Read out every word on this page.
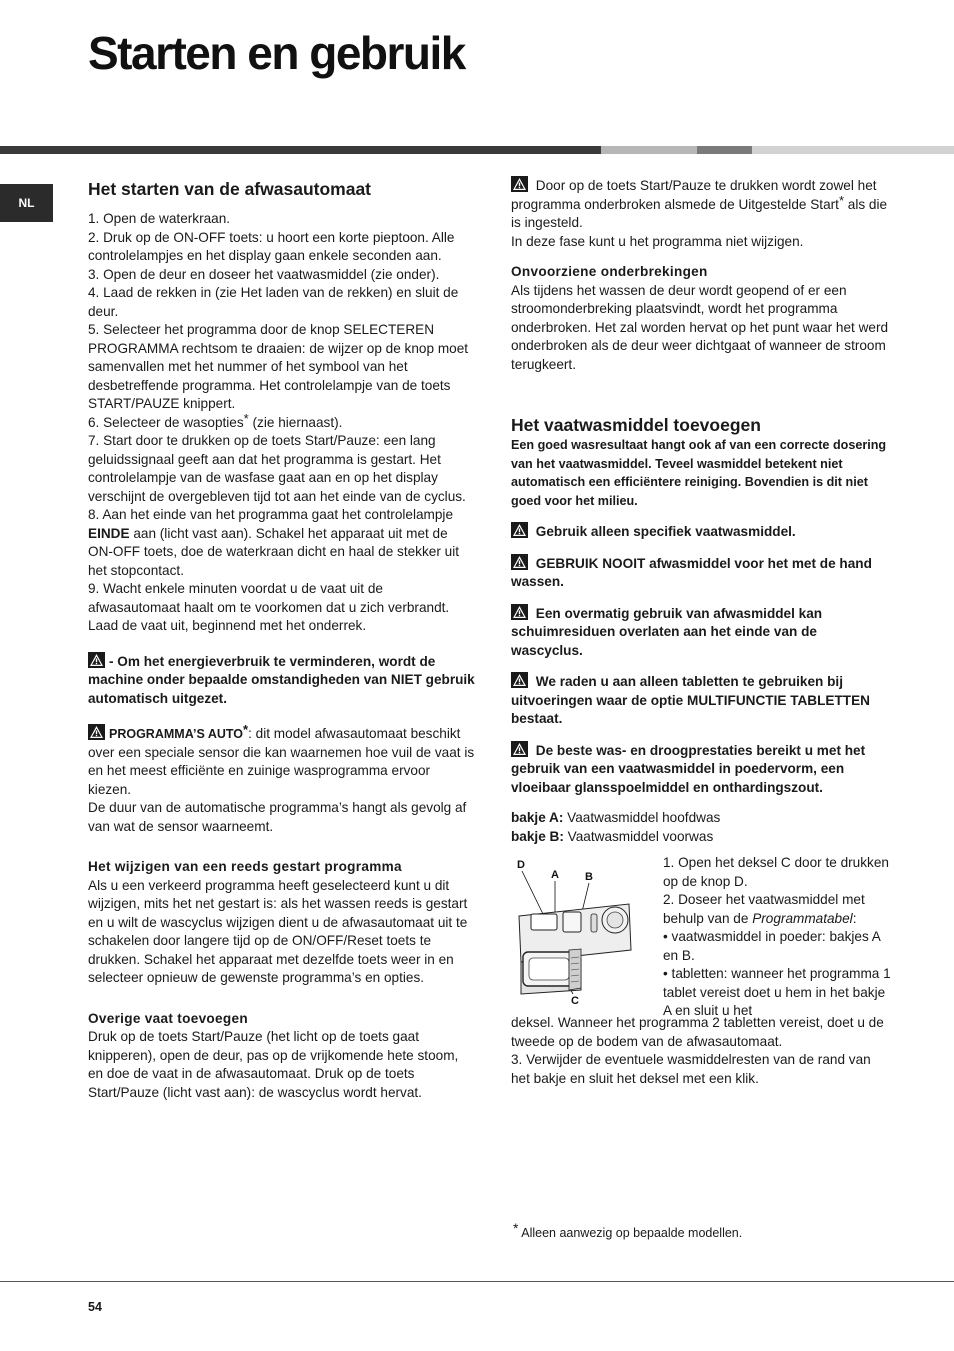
Starten en gebruik
NL
Het starten van de afwasautomaat

1. Open de waterkraan.

2. Druk op de ON-OFF toets: u hoort een korte pieptoon. Alle controlelampjes en het display gaan enkele seconden aan.

3. Open de deur en doseer het vaatwasmiddel (zie onder).

4. Laad de rekken in (zie Het laden van de rekken) en sluit de deur.

5. Selecteer het programma door de knop SELECTEREN PROGRAMMA rechtsom te draaien: de wijzer op de knop moet samenvallen met het nummer of het symbool van het desbetreffende programma. Het controlelampje van de toets START/PAUZE knippert.

6. Selecteer de wasopties* (zie hiernaast).

7. Start door te drukken op de toets Start/Pauze: een lang geluidssignaal geeft aan dat het programma is gestart. Het controlelampje van de wasfase gaat aan en op het display verschijnt de overgebleven tijd tot aan het einde van de cyclus.

8. Aan het einde van het programma gaat het controlelampje EINDE aan (licht vast aan). Schakel het apparaat uit met de ON-OFF toets, doe de waterkraan dicht en haal de stekker uit het stopcontact.

9. Wacht enkele minuten voordat u de vaat uit de afwasautomaat haalt om te voorkomen dat u zich verbrandt. Laad de vaat uit, beginnend met het onderrek.

- Om het energieverbruik te verminderen, wordt de machine onder bepaalde omstandigheden van NIET gebruik automatisch uitgezet.

PROGRAMMA’S AUTO*: dit model afwasautomaat beschikt over een speciale sensor die kan waarnemen hoe vuil de vaat is en het meest efficiënte en zuinige wasprogramma ervoor kiezen.

De duur van de automatische programma’s hangt als gevolg af van wat de sensor waarneemt.

Het wijzigen van een reeds gestart programma

Als u een verkeerd programma heeft geselecteerd kunt u dit wijzigen, mits het net gestart is: als het wassen reeds is gestart en u wilt de wascyclus wijzigen dient u de afwasautomaat uit te schakelen door langere tijd op de ON/OFF/Reset toets te drukken. Schakel het apparaat met dezelfde toets weer in en selecteer opnieuw de gewenste programma’s en opties.

Overige vaat toevoegen

Druk op de toets Start/Pauze (het licht op de toets gaat knipperen), open de deur, pas op de vrijkomende hete stoom, en doe de vaat in de afwasautomaat. Druk op de toets Start/Pauze (licht vast aan): de wascyclus wordt hervat.

Door op de toets Start/Pauze te drukken wordt zowel het programma onderbroken alsmede de Uitgestelde Start* als die is ingesteld.

In deze fase kunt u het programma niet wijzigen.

Onvoorziene onderbrekingen

Als tijdens het wassen de deur wordt geopend of er een stroomonderbreking plaatsvindt, wordt het programma onderbroken. Het zal worden hervat op het punt waar het werd onderbroken als de deur weer dichtgaat of wanneer de stroom terugkeert.

Het vaatwasmiddel toevoegen

Een goed wasresultaat hangt ook af van een correcte dosering van het vaatwasmiddel. Teveel wasmiddel betekent niet automatisch een efficiëntere reiniging. Bovendien is dit niet goed voor het milieu.

Gebruik alleen specifiek vaatwasmiddel.

GEBRUIK NOOIT afwasmiddel voor het met de hand wassen.

Een overmatig gebruik van afwasmiddel kan schuimresiduen overlaten aan het einde van de wascyclus.

We raden u aan alleen tabletten te gebruiken bij uitvoeringen waar de optie MULTIFUNCTIE TABLETTEN bestaat.

De beste was- en droogprestaties bereikt u met het gebruik van een vaatwasmiddel in poedervorm, een vloeibaar glansspoelmiddel en onthardingszout.

bakje A: Vaatwasmiddel hoofdwas

bakje B: Vaatwasmiddel voorwas

D
A B
C

1. Open het deksel C door te drukken op de knop D.

2. Doseer het vaatwasmiddel met behulp van de Programmatabel:

• vaatwasmiddel in poeder: bakjes A en B.

• tabletten: wanneer het programma 1 tablet vereist doet u hem in het bakje A en sluit u het

deksel. Wanneer het programma 2 tabletten vereist, doet u de tweede op de bodem van de afwasautomaat.

3. Verwijder de eventuele wasmiddelresten van de rand van het bakje en sluit het deksel met een klik.

* Alleen aanwezig op bepaalde modellen.
54
